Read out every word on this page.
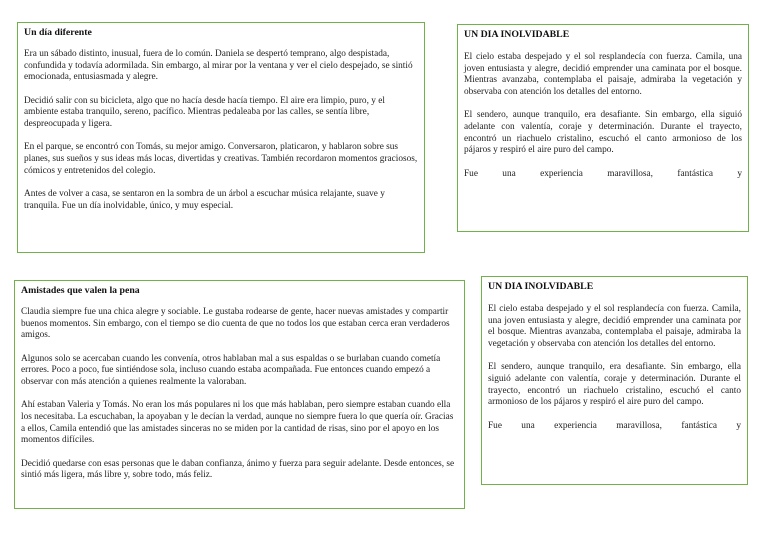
Un día diferente

Era un sábado distinto, inusual, fuera de lo común. Daniela se despertó temprano, algo despistada, confundida y todavía adormilada. Sin embargo, al mirar por la ventana y ver el cielo despejado, se sintió emocionada, entusiasmada y alegre.

Decidió salir con su bicicleta, algo que no hacía desde hacía tiempo. El aire era limpio, puro, y el ambiente estaba tranquilo, sereno, pacífico. Mientras pedaleaba por las calles, se sentía libre, despreocupada y ligera.

En el parque, se encontró con Tomás, su mejor amigo. Conversaron, platicaron, y hablaron sobre sus planes, sus sueños y sus ideas más locas, divertidas y creativas. También recordaron momentos graciosos, cómicos y entretenidos del colegio.

Antes de volver a casa, se sentaron en la sombra de un árbol a escuchar música relajante, suave y tranquila. Fue un día inolvidable, único, y muy especial.

UN DIA INOLVIDABLE

El cielo estaba despejado y el sol resplandecía con fuerza. Camila, una joven entusiasta y alegre, decidió emprender una caminata por el bosque. Mientras avanzaba, contemplaba el paisaje, admiraba la vegetación y observaba con atención los detalles del entorno.

El sendero, aunque tranquilo, era desafiante. Sin embargo, ella siguió adelante con valentía, coraje y determinación. Durante el trayecto, encontró un riachuelo cristalino, escuchó el canto armonioso de los pájaros y respiró el aire puro del campo.

Fue una experiencia maravillosa, fantástica y

Amistades que valen la pena

Claudia siempre fue una chica alegre y sociable. Le gustaba rodearse de gente, hacer nuevas amistades y compartir buenos momentos. Sin embargo, con el tiempo se dio cuenta de que no todos los que estaban cerca eran verdaderos amigos.

Algunos solo se acercaban cuando les convenía, otros hablaban mal a sus espaldas o se burlaban cuando cometía errores. Poco a poco, fue sintiéndose sola, incluso cuando estaba acompañada. Fue entonces cuando empezó a observar con más atención a quienes realmente la valoraban.

Ahí estaban Valeria y Tomás. No eran los más populares ni los que más hablaban, pero siempre estaban cuando ella los necesitaba. La escuchaban, la apoyaban y le decían la verdad, aunque no siempre fuera lo que quería oír. Gracias a ellos, Camila entendió que las amistades sinceras no se miden por la cantidad de risas, sino por el apoyo en los momentos difíciles.

Decidió quedarse con esas personas que le daban confianza, ánimo y fuerza para seguir adelante. Desde entonces, se sintió más ligera, más libre y, sobre todo, más feliz.

UN DIA INOLVIDABLE

El cielo estaba despejado y el sol resplandecía con fuerza. Camila, una joven entusiasta y alegre, decidió emprender una caminata por el bosque. Mientras avanzaba, contemplaba el paisaje, admiraba la vegetación y observaba con atención los detalles del entorno.

El sendero, aunque tranquilo, era desafiante. Sin embargo, ella siguió adelante con valentía, coraje y determinación. Durante el trayecto, encontró un riachuelo cristalino, escuchó el canto armonioso de los pájaros y respiró el aire puro del campo.

Fue una experiencia maravillosa, fantástica y
